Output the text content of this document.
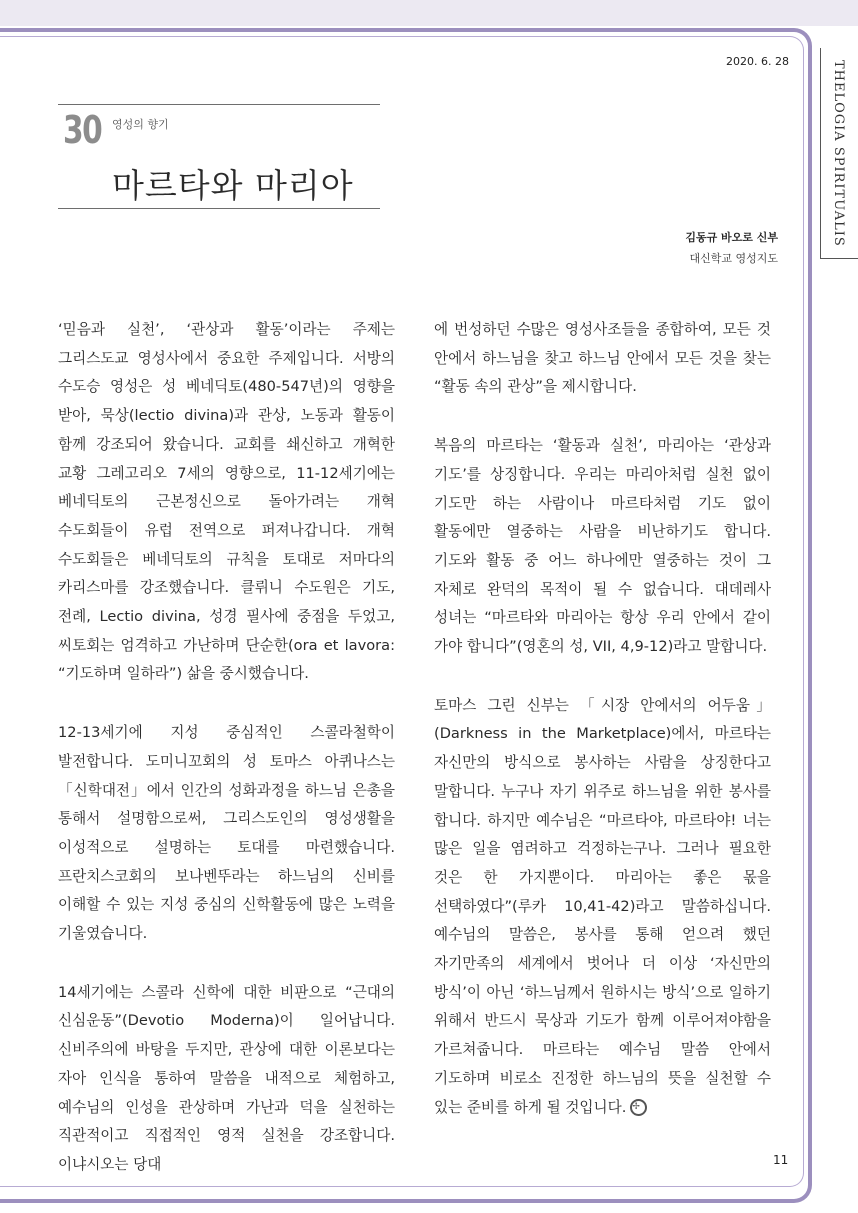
THELOGIA SPIRITUALIS
2020. 6. 28
30 영성의 향기
마르타와 마리아
김동규 바오로 신부
대신학교 영성지도

‘믿음과 실천’, ‘관상과 활동’이라는 주제는 그리스도교 영성사에서 중요한 주제입니다. 서방의 수도승 영성은 성 베네딕토(480-547년)의 영향을 받아, 묵상(lectio divina)과 관상, 노동과 활동이 함께 강조되어 왔습니다. 교회를 쇄신하고 개혁한 교황 그레고리오 7세의 영향으로, 11-12세기에는 베네딕토의 근본정신으로 돌아가려는 개혁 수도회들이 유럽 전역으로 퍼져나갑니다. 개혁 수도회들은 베네딕토의 규칙을 토대로 저마다의 카리스마를 강조했습니다. 클뤼니 수도원은 기도, 전례, Lectio divina, 성경 필사에 중점을 두었고, 씨토회는 엄격하고 가난하며 단순한(ora et lavora: “기도하며 일하라”) 삶을 중시했습니다.

12-13세기에 지성 중심적인 스콜라철학이 발전합니다. 도미니꼬회의 성 토마스 아퀴나스는 「신학대전」에서 인간의 성화과정을 하느님 은총을 통해서 설명함으로써, 그리스도인의 영성생활을 이성적으로 설명하는 토대를 마련했습니다. 프란치스코회의 보나벤뚜라는 하느님의 신비를 이해할 수 있는 지성 중심의 신학활동에 많은 노력을 기울였습니다.

14세기에는 스콜라 신학에 대한 비판으로 “근대의 신심운동”(Devotio Moderna)이 일어납니다. 신비주의에 바탕을 두지만, 관상에 대한 이론보다는 자아 인식을 통하여 말씀을 내적으로 체험하고, 예수님의 인성을 관상하며 가난과 덕을 실천하는 직관적이고 직접적인 영적 실천을 강조합니다. 이냐시오는 당대

에 번성하던 수많은 영성사조들을 종합하여, 모든 것 안에서 하느님을 찾고 하느님 안에서 모든 것을 찾는 “활동 속의 관상”을 제시합니다.

복음의 마르타는 ‘활동과 실천’, 마리아는 ‘관상과 기도’를 상징합니다. 우리는 마리아처럼 실천 없이 기도만 하는 사람이나 마르타처럼 기도 없이 활동에만 열중하는 사람을 비난하기도 합니다. 기도와 활동 중 어느 하나에만 열중하는 것이 그 자체로 완덕의 목적이 될 수 없습니다. 대데레사 성녀는 “마르타와 마리아는 항상 우리 안에서 같이 가야 합니다”(영혼의 성, VII, 4,9-12)라고 말합니다.

토마스 그린 신부는 「시장 안에서의 어두움」(Darkness in the Marketplace)에서, 마르타는 자신만의 방식으로 봉사하는 사람을 상징한다고 말합니다. 누구나 자기 위주로 하느님을 위한 봉사를 합니다. 하지만 예수님은 “마르타야, 마르타야! 너는 많은 일을 염려하고 걱정하는구나. 그러나 필요한 것은 한 가지뿐이다. 마리아는 좋은 몫을 선택하였다”(루카 10,41-42)라고 말씀하십니다. 예수님의 말씀은, 봉사를 통해 얻으려 했던 자기만족의 세계에서 벗어나 더 이상 ‘자신만의 방식’이 아닌 ‘하느님께서 원하시는 방식’으로 일하기 위해서 반드시 묵상과 기도가 함께 이루어져야함을 가르쳐줍니다. 마르타는 예수님 말씀 안에서 기도하며 비로소 진정한 하느님의 뜻을 실천할 수 있는 준비를 하게 될 것입니다. ✢

11
